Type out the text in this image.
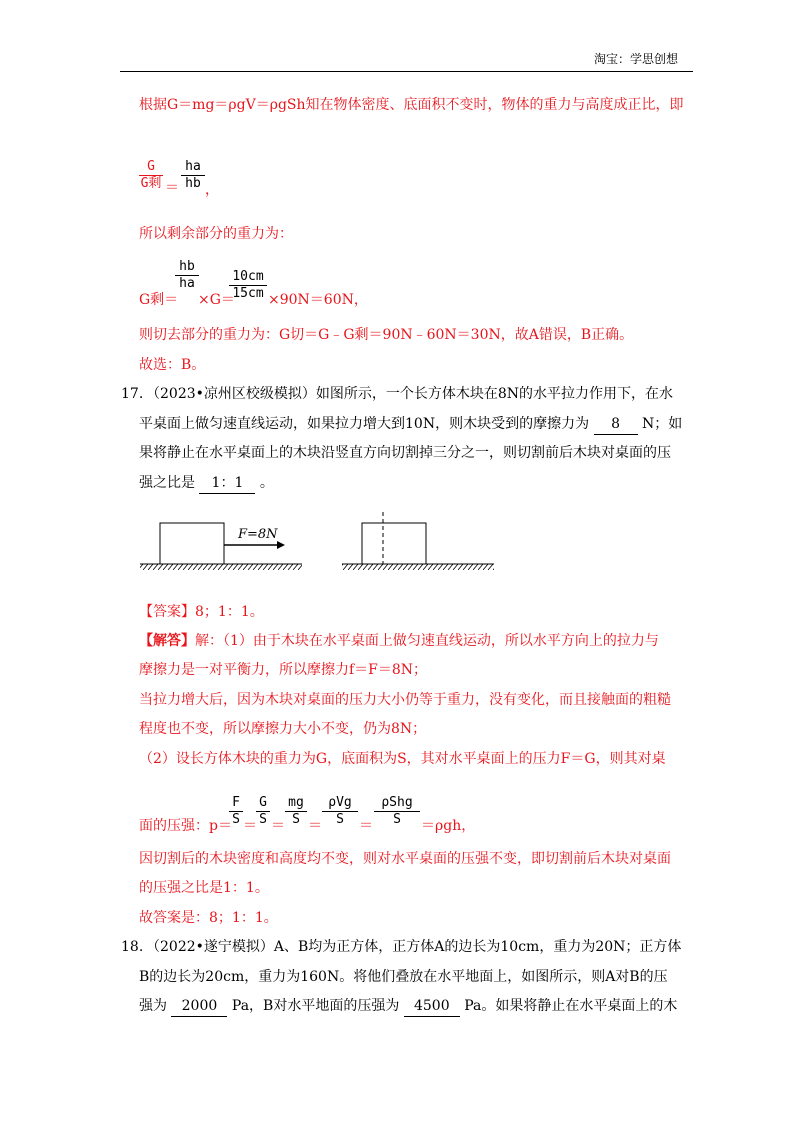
淘宝：学思创想
根据G＝mg＝ρgV＝ρgSh知在物体密度、底面积不变时，物体的重力与高度成正比，即
G
G剩 ＝
ha
hb ，
所以剩余部分的重力为：
G剩＝
hb
ha
×G＝
10cm
15cm ×90N＝60N，
则切去部分的重力为：G切＝G﹣G剩＝90N﹣60N＝30N，故A错误，B正确。
故选：B。
17. （2023•凉州区校级模拟）如图所示，一个长方体木块在8N的水平拉力作用下，在水
平桌面上做匀速直线运动，如果拉力增大到10N，则木块受到的摩擦力为 8 N；如
果将静止在水平桌面上的木块沿竖直方向切割掉三分之一，则切割前后木块对桌面的压
强之比是 1：1 。
F=8N
【答案】8；1：1。
【解答】解：（1）由于木块在水平桌面上做匀速直线运动，所以水平方向上的拉力与
摩擦力是一对平衡力，所以摩擦力f＝F＝8N；
当拉力增大后，因为木块对桌面的压力大小仍等于重力，没有变化，而且接触面的粗糙
程度也不变，所以摩擦力大小不变，仍为8N；
（2）设长方体木块的重力为G，底面积为S，其对水平桌面上的压力F＝G，则其对桌
面的压强：p＝
F
S ＝
G
S ＝
mg
S ＝
ρVg
S ＝
ρShg
S ＝ρgh，
因切割后的木块密度和高度均不变，则对水平桌面的压强不变，即切割前后木块对桌面
的压强之比是1：1。
故答案是：8；1：1。
18. （2022•遂宁模拟）A、B均为正方体，正方体A的边长为10cm，重力为20N；正方体
B的边长为20cm，重力为160N。将他们叠放在水平地面上，如图所示，则A对B的压
强为 2000 Pa，B对水平地面的压强为 4500 Pa。如果将静止在水平桌面上的木
